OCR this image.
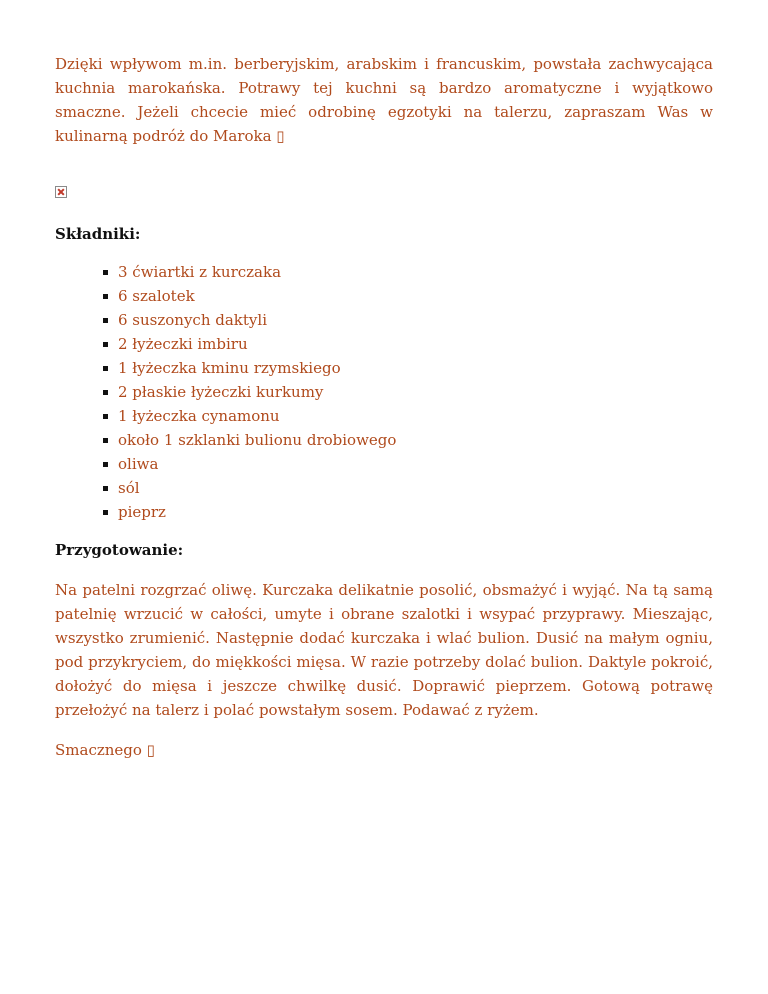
Dzięki wpływom m.in. berberyjskim, arabskim i francuskim, powstała zachwycająca kuchnia marokańska. Potrawy tej kuchni są bardzo aromatyczne i wyjątkowo smaczne. Jeżeli chcecie mieć odrobinę egzotyki na talerzu, zapraszam Was w kulinarną podróż do Maroka ▯

Składniki:

3 ćwiartki z kurczaka
6 szalotek
6 suszonych daktyli
2 łyżeczki imbiru
1 łyżeczka kminu rzymskiego
2 płaskie łyżeczki kurkumy
1 łyżeczka cynamonu
około 1 szklanki bulionu drobiowego
oliwa
sól
pieprz

Przygotowanie:

Na patelni rozgrzać oliwę. Kurczaka delikatnie posolić, obsmażyć i wyjąć. Na tą samą patelnię wrzucić w całości, umyte i obrane szalotki i wsypać przyprawy. Mieszając, wszystko zrumienić. Następnie dodać kurczaka i wlać bulion. Dusić na małym ogniu, pod przykryciem, do miękkości mięsa. W razie potrzeby dolać bulion. Daktyle pokroić, dołożyć do mięsa i jeszcze chwilkę dusić. Doprawić pieprzem. Gotową potrawę przełożyć na talerz i polać powstałym sosem. Podawać z ryżem.

Smacznego ▯
